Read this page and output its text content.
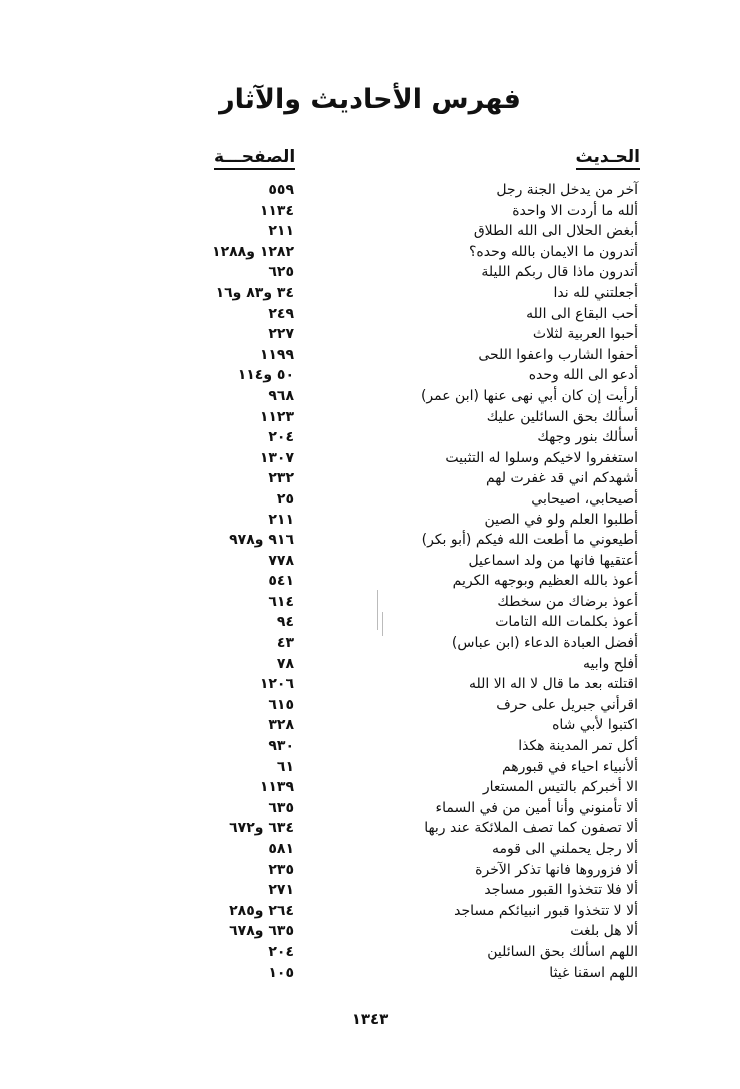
فهرس الأحاديث والآثار
الحـديث
الصفحـــة
آخر من يدخل الجنة رجل
٥٥٩
ألله ما أردت الا واحدة
١١٣٤
أبغض الحلال الى الله الطلاق
٢١١
أتدرون ما الايمان بالله وحده؟
١٢٨٢ و١٢٨٨
أتدرون ماذا قال ربكم الليلة
٦٢٥
أجعلتني لله ندا
٣٤ و٨٣ و١٦
أحب البقاع الى الله
٢٤٩
أحبوا العربية لثلاث
٢٢٧
أحفوا الشارب واعفوا اللحى
١١٩٩
أدعو الى الله وحده
٥٠ و١١٤
أرأيت إن كان أبي نهى عنها (ابن عمر)
٩٦٨
أسألك بحق السائلين عليك
١١٢٣
أسألك بنور وجهك
٢٠٤
استغفروا لاخيكم وسلوا له التثبيت
١٣٠٧
أشهدكم اني قد غفرت لهم
٢٣٢
أصيحابي، اصيحابي
٢٥
أطلبوا العلم ولو في الصين
٢١١
أطيعوني ما أطعت الله فيكم (أبو بكر)
٩١٦ و٩٧٨
أعتقيها فانها من ولد اسماعيل
٧٧٨
أعوذ بالله العظيم وبوجهه الكريم
٥٤١
أعوذ برضاك من سخطك
٦١٤
أعوذ بكلمات الله التامات
٩٤
أفضل العبادة الدعاء (ابن عباس)
٤٣
أفلح وابيه
٧٨
اقتلته بعد ما قال لا اله الا الله
١٢٠٦
اقرأني جبريل على حرف
٦١٥
اكتبوا لأبي شاه
٣٢٨
أكل تمر المدينة هكذا
٩٣٠
ألأنبياء احياء في قبورهم
٦١
الا أخبركم بالتيس المستعار
١١٣٩
ألا تأمنوني وأنا أمين من في السماء
٦٣٥
ألا تصفون كما تصف الملائكة عند ربها
٦٣٤ و٦٧٢
ألا رجل يحملني الى قومه
٥٨١
ألا فزوروها فانها تذكر الآخرة
٢٣٥
ألا فلا تتخذوا القبور مساجد
٢٧١
ألا لا تتخذوا قبور انبيائكم مساجد
٢٦٤ و٢٨٥
ألا هل بلغت
٦٣٥ و٦٧٨
اللهم اسألك بحق السائلين
٢٠٤
اللهم اسقنا غيثا
١٠٥
١٣٤٣
